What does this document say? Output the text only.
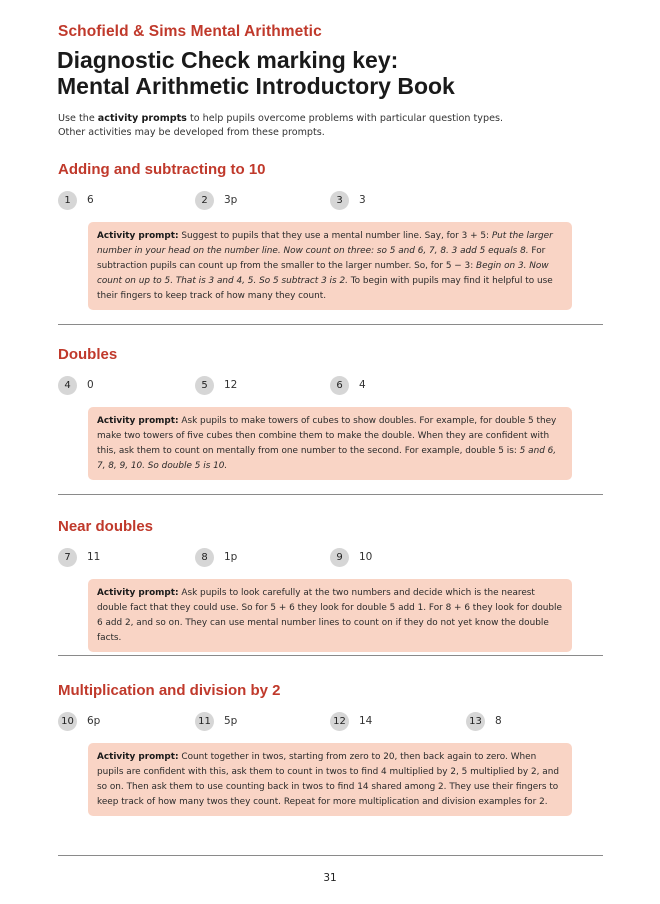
Schofield & Sims Mental Arithmetic
Diagnostic Check marking key:
Mental Arithmetic Introductory Book
Use the activity prompts to help pupils overcome problems with particular question types.
Other activities may be developed from these prompts.
Adding and subtracting to 10
1	6	2	3p	3	3
Activity prompt: Suggest to pupils that they use a mental number line. Say, for 3 + 5: Put the larger number in your head on the number line. Now count on three: so 5 and 6, 7, 8. 3 add 5 equals 8. For subtraction pupils can count up from the smaller to the larger number. So, for 5 − 3: Begin on 3. Now count on up to 5. That is 3 and 4, 5. So 5 subtract 3 is 2. To begin with pupils may find it helpful to use their fingers to keep track of how many they count.
Doubles
4	0	5	12	6	4
Activity prompt: Ask pupils to make towers of cubes to show doubles. For example, for double 5 they make two towers of five cubes then combine them to make the double. When they are confident with this, ask them to count on mentally from one number to the second. For example, double 5 is: 5 and 6, 7, 8, 9, 10. So double 5 is 10.
Near doubles
7	11	8	1p	9	10
Activity prompt: Ask pupils to look carefully at the two numbers and decide which is the nearest double fact that they could use. So for 5 + 6 they look for double 5 add 1. For 8 + 6 they look for double 6 add 2, and so on. They can use mental number lines to count on if they do not yet know the double facts.
Multiplication and division by 2
10 6p	11 5p	12 14	13 8
Activity prompt: Count together in twos, starting from zero to 20, then back again to zero. When pupils are confident with this, ask them to count in twos to find 4 multiplied by 2, 5 multiplied by 2, and so on. Then ask them to use counting back in twos to find 14 shared among 2. They use their fingers to keep track of how many twos they count. Repeat for more multiplication and division examples for 2.
31
